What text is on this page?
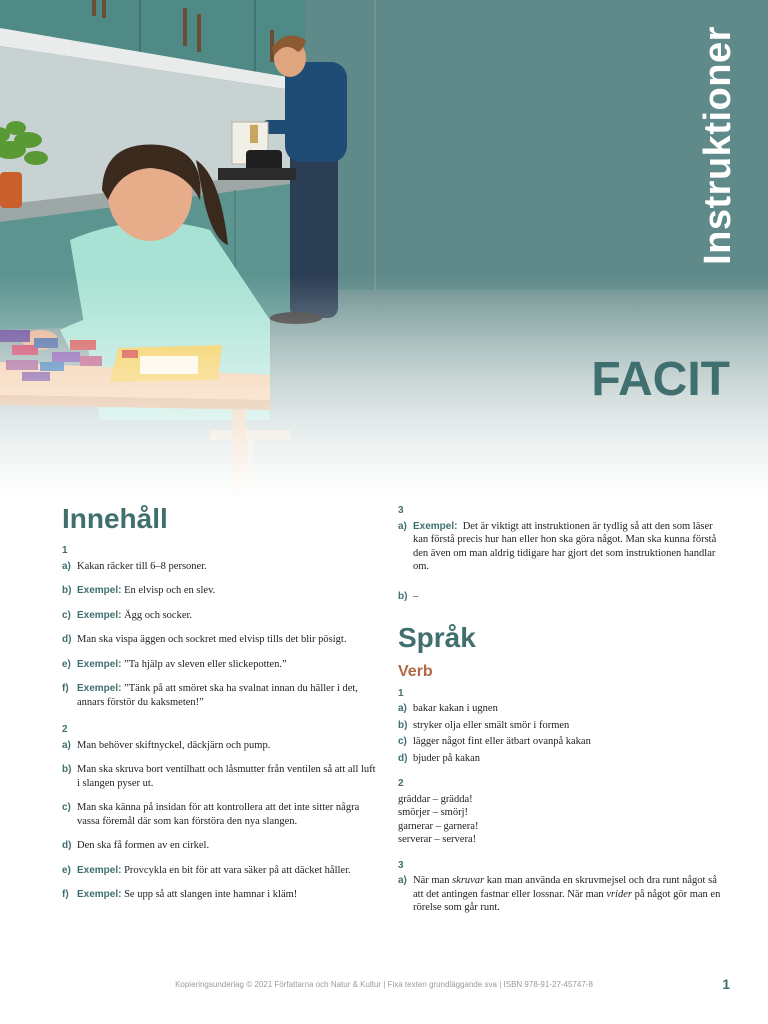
Instruktioner
FACIT
Innehåll
1
a) Kakan räcker till 6–8 personer.
b) Exempel: En elvisp och en slev.
c) Exempel: Ägg och socker.
d) Man ska vispa äggen och sockret med elvisp tills det blir pösigt.
e) Exempel: ”Ta hjälp av sleven eller slickepotten.”
f) Exempel: ”Tänk på att smöret ska ha svalnat innan du häller i det, annars förstör du kaksmeten!”
2
a) Man behöver skiftnyckel, däckjärn och pump.
b) Man ska skruva bort ventilhatt och låsmutter från ventilen så att all luft i slangen pyser ut.
c) Man ska känna på insidan för att kontrollera att det inte sitter några vassa föremål där som kan förstöra den nya slangen.
d) Den ska få formen av en cirkel.
e) Exempel: Provcykla en bit för att vara säker på att däcket håller.
f) Exempel: Se upp så att slangen inte hamnar i kläm!
3
a) Exempel: Det är viktigt att instruktionen är tydlig så att den som läser kan förstå precis hur han eller hon ska göra något. Man ska kunna förstå den även om man aldrig tidigare har gjort det som instruktionen handlar om.
b) –
Språk
Verb
1
a) bakar kakan i ugnen
b) stryker olja eller smält smör i formen
c) lägger något fint eller ätbart ovanpå kakan
d) bjuder på kakan
2
gräddar – grädda!
smörjer – smörj!
garnerar – garnera!
serverar – servera!
3
a) När man skruvar kan man använda en skruvmejsel och dra runt något så att det antingen fastnar eller lossnar. När man vrider på något gör man en rörelse som går runt.
Kopieringsunderlag © 2021 Författarna och Natur & Kultur | Fixa texten grundläggande sva | ISBN 978-91-27-45747-8	1
